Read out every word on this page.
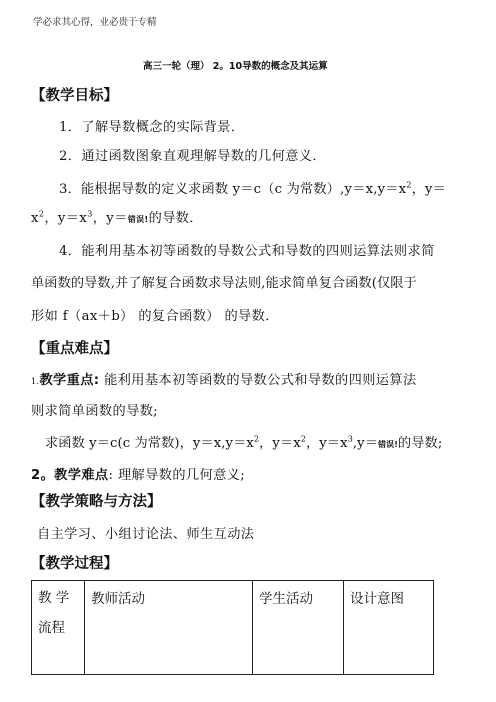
学必求其心得，业必贵于专精
高三一轮（理） 2。10导数的概念及其运算
【教学目标】
1．了解导数概念的实际背景．
2．通过函数图象直观理解导数的几何意义．
3．能根据导数的定义求函数 y＝c（c 为常数）$,y=x,y=x^2$，y＝
$x^2$，$y=x^3$，y＝错误!的导数．
4．能利用基本初等函数的导数公式和导数的四则运算法则求简
单函数的导数,并了解复合函数求导法则,能求简单复合函数(仅限于
形如 f（ax＋b） 的复合函数） 的导数．
【重点难点】
1.教学重点: 能利用基本初等函数的导数公式和导数的四则运算法
则求简单函数的导数;
求函数 y＝c(c 为常数)，$y=x,y=x^2$，$y=x^2$，$y=x^3,y=$错误!的导数;
2。教学难点: 理解导数的几何意义;
【教学策略与方法】
自主学习、小组讨论法、师生互动法
【教学过程】
教 学
流程
	教师活动	学生活动	设计意图
